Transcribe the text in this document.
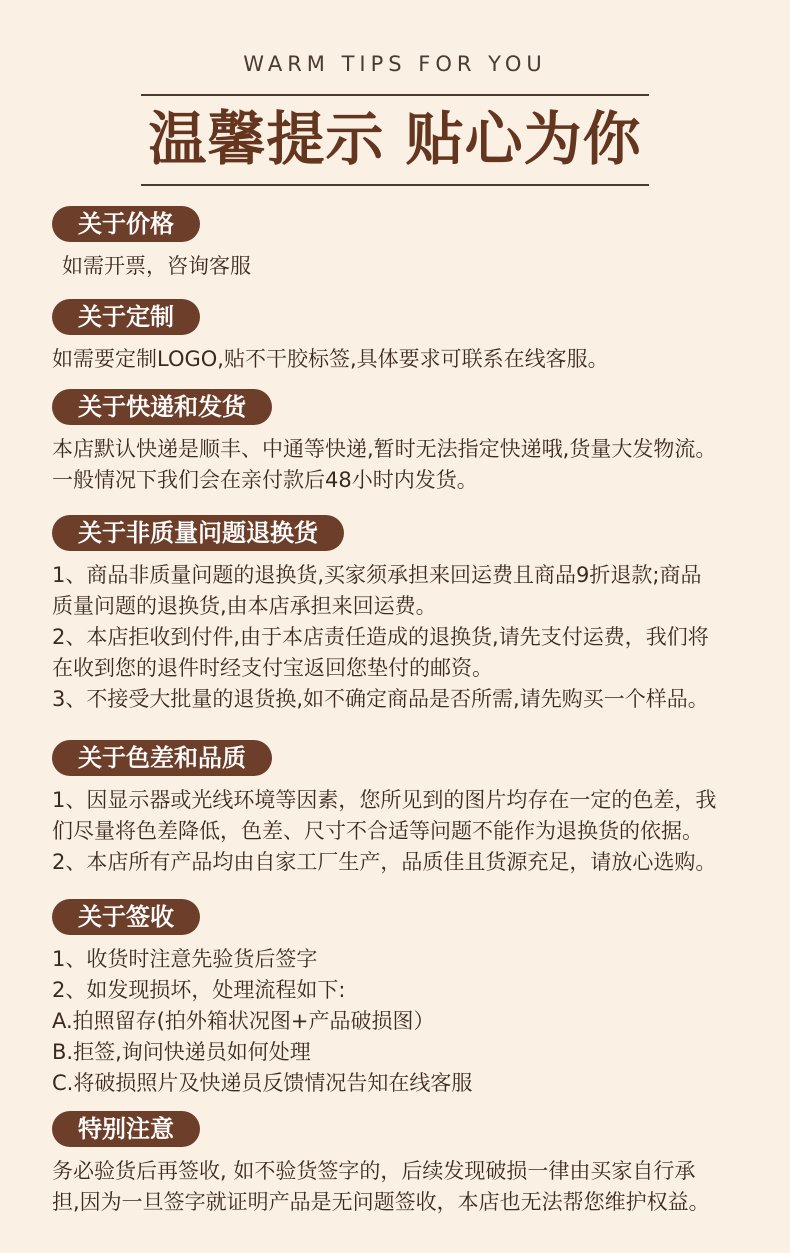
WARM TIPS FOR YOU
温馨提示 贴心为你
关于价格
如需开票，咨询客服
关于定制
如需要定制LOGO,贴不干胶标签,具体要求可联系在线客服。
关于快递和发货
本店默认快递是顺丰、中通等快递,暂时无法指定快递哦,货量大发物流。
一般情况下我们会在亲付款后48小时内发货。
关于非质量问题退换货
1、商品非质量问题的退换货,买家须承担来回运费且商品9折退款;商品
质量问题的退换货,由本店承担来回运费。
2、本店拒收到付件,由于本店责任造成的退换货,请先支付运费，我们将
在收到您的退件时经支付宝返回您垫付的邮资。
3、不接受大批量的退货换,如不确定商品是否所需,请先购买一个样品。
关于色差和品质
1、因显示器或光线环境等因素，您所见到的图片均存在一定的色差，我
们尽量将色差降低，色差、尺寸不合适等问题不能作为退换货的依据。
2、本店所有产品均由自家工厂生产，品质佳且货源充足，请放心选购。
关于签收
1、收货时注意先验货后签字
2、如发现损坏，处理流程如下:
A.拍照留存(拍外箱状况图+产品破损图）
B.拒签,询问快递员如何处理
C.将破损照片及快递员反馈情况告知在线客服
特别注意
务必验货后再签收, 如不验货签字的，后续发现破损一律由买家自行承
担,因为一旦签字就证明产品是无问题签收，本店也无法帮您维护权益。
